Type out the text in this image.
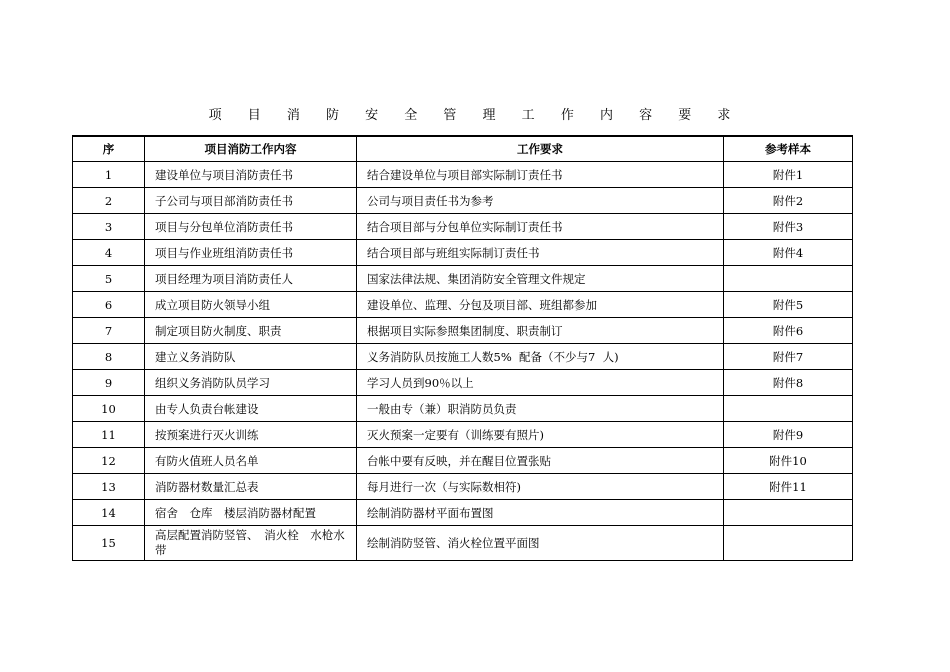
项 目 消 防 安 全 管 理 工 作 内 容 要 求
序	项目消防工作内容	工作要求	参考样本
1	建设单位与项目消防责任书	结合建设单位与项目部实际制订责任书	附件1
2	子公司与项目部消防责任书	公司与项目责任书为参考	附件2
3	项目与分包单位消防责任书	结合项目部与分包单位实际制订责任书	附件3
4	项目与作业班组消防责任书	结合项目部与班组实际制订责任书	附件4
5	项目经理为项目消防责任人	国家法律法规、集团消防安全管理文件规定	
6	成立项目防火领导小组	建设单位、监理、分包及项目部、班组都参加	附件5
7	制定项目防火制度、职责	根据项目实际参照集团制度、职责制订	附件6
8	建立义务消防队	义务消防队员按施工人数5%  配备（不少与7  人)	附件7
9	组织义务消防队员学习	学习人员到90％以上	附件8
10	由专人负责台帐建设	一般由专（兼）职消防员负责	
11	按预案进行灭火训练	灭火预案一定要有（训练要有照片)	附件9
12	有防火值班人员名单	台帐中要有反映，并在醒目位置张贴	附件10
13	消防器材数量汇总表	每月进行一次（与实际数相符)	附件11
14	宿舍　仓库　楼层消防器材配置	绘制消防器材平面布置图	
15	高层配置消防竖管、　消火栓　水枪水带	绘制消防竖管、消火栓位置平面图	
